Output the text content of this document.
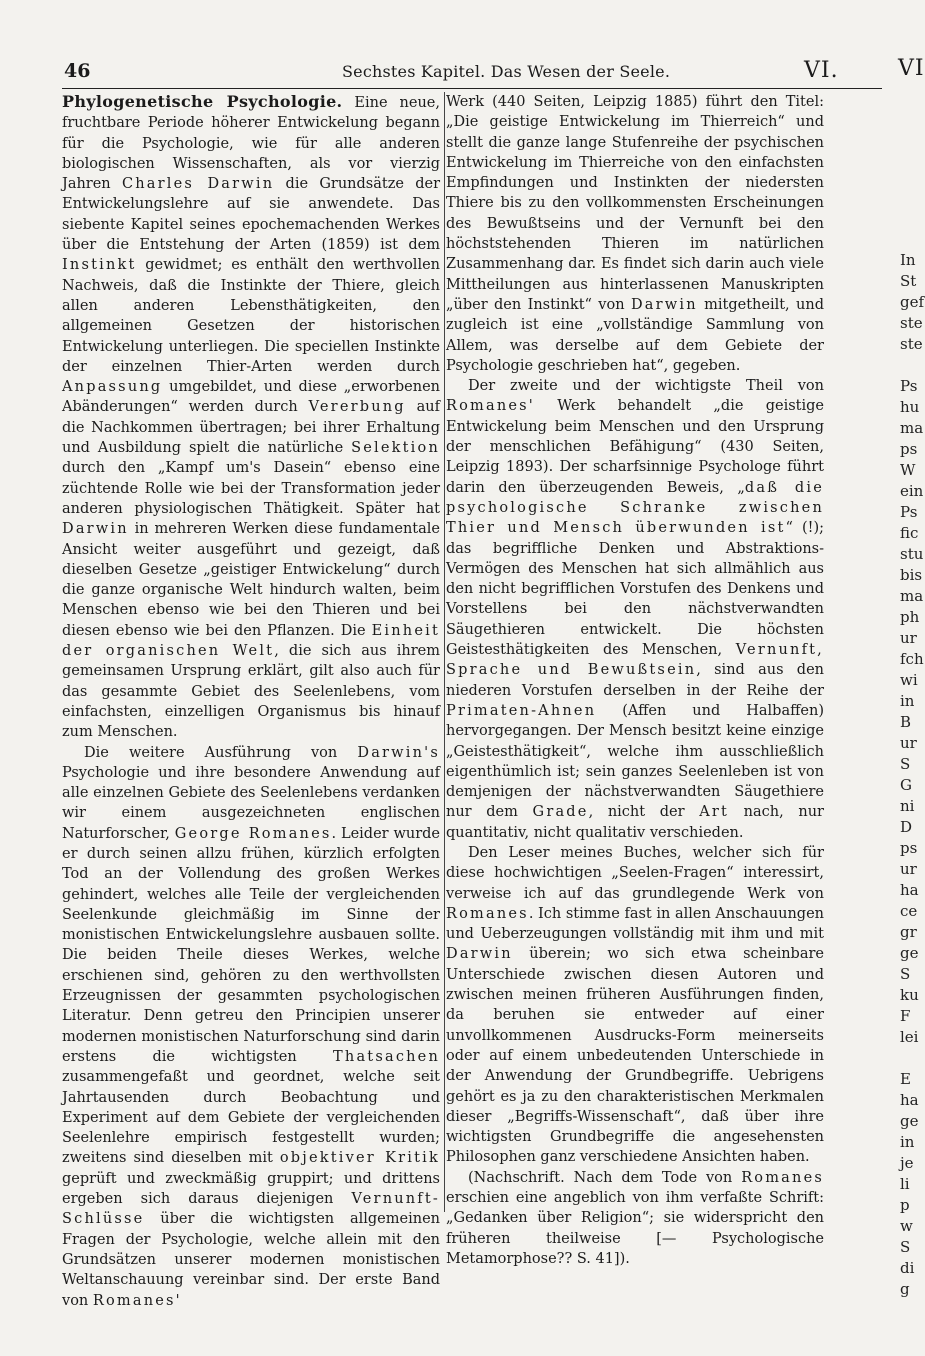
46	Sechstes Kapitel. Das Wesen der Seele.	VI.	VI

Phylogenetische Psychologie. Eine neue, fruchtbare Periode höherer Entwickelung begann für die Psychologie, wie für alle anderen biologischen Wissenschaften, als vor vierzig Jahren Charles Darwin die Grundsätze der Entwickelungslehre auf sie anwendete. Das siebente Kapitel seines epochemachenden Werkes über die Entstehung der Arten (1859) ist dem Instinkt gewidmet; es enthält den werthvollen Nachweis, daß die Instinkte der Thiere, gleich allen anderen Lebensthätigkeiten, den allgemeinen Gesetzen der historischen Entwickelung unterliegen. Die speciellen Instinkte der einzelnen Thier-Arten werden durch Anpassung umgebildet, und diese „erworbenen Abänderungen“ werden durch Vererbung auf die Nachkommen übertragen; bei ihrer Erhaltung und Ausbildung spielt die natürliche Selektion durch den „Kampf um's Dasein“ ebenso eine züchtende Rolle wie bei der Transformation jeder anderen physiologischen Thätigkeit. Später hat Darwin in mehreren Werken diese fundamentale Ansicht weiter ausgeführt und gezeigt, daß dieselben Gesetze „geistiger Entwickelung“ durch die ganze organische Welt hindurch walten, beim Menschen ebenso wie bei den Thieren und bei diesen ebenso wie bei den Pflanzen. Die Einheit der organischen Welt, die sich aus ihrem gemeinsamen Ursprung erklärt, gilt also auch für das gesammte Gebiet des Seelenlebens, vom einfachsten, einzelligen Organismus bis hinauf zum Menschen.

Die weitere Ausführung von Darwin's Psychologie und ihre besondere Anwendung auf alle einzelnen Gebiete des Seelenlebens verdanken wir einem ausgezeichneten englischen Naturforscher, George Romanes. Leider wurde er durch seinen allzu frühen, kürzlich erfolgten Tod an der Vollendung des großen Werkes gehindert, welches alle Teile der vergleichenden Seelenkunde gleichmäßig im Sinne der monistischen Entwickelungslehre ausbauen sollte. Die beiden Theile dieses Werkes, welche erschienen sind, gehören zu den werthvollsten Erzeugnissen der gesammten psychologischen Literatur. Denn getreu den Principien unserer modernen monistischen Naturforschung sind darin erstens die wichtigsten Thatsachen zusammengefaßt und geordnet, welche seit Jahrtausenden durch Beobachtung und Experiment auf dem Gebiete der vergleichenden Seelenlehre empirisch festgestellt wurden; zweitens sind dieselben mit objektiver Kritik geprüft und zweckmäßig gruppirt; und drittens ergeben sich daraus diejenigen Vernunft-Schlüsse über die wichtigsten allgemeinen Fragen der Psychologie, welche allein mit den Grundsätzen unserer modernen monistischen Weltanschauung vereinbar sind. Der erste Band von Romanes'

Werk (440 Seiten, Leipzig 1885) führt den Titel: „Die geistige Entwickelung im Thierreich“ und stellt die ganze lange Stufenreihe der psychischen Entwickelung im Thierreiche von den einfachsten Empfindungen und Instinkten der niedersten Thiere bis zu den vollkommensten Erscheinungen des Bewußtseins und der Vernunft bei den höchststehenden Thieren im natürlichen Zusammenhang dar. Es findet sich darin auch viele Mittheilungen aus hinterlassenen Manuskripten „über den Instinkt“ von Darwin mitgetheilt, und zugleich ist eine „vollständige Sammlung von Allem, was derselbe auf dem Gebiete der Psychologie geschrieben hat“, gegeben.

Der zweite und der wichtigste Theil von Romanes' Werk behandelt „die geistige Entwickelung beim Menschen und den Ursprung der menschlichen Befähigung“ (430 Seiten, Leipzig 1893). Der scharfsinnige Psychologe führt darin den überzeugenden Beweis, „daß die psychologische Schranke zwischen Thier und Mensch überwunden ist“ (!); das begriffliche Denken und Abstraktions-Vermögen des Menschen hat sich allmählich aus den nicht begrifflichen Vorstufen des Denkens und Vorstellens bei den nächstverwandten Säugethieren entwickelt. Die höchsten Geistesthätigkeiten des Menschen, Vernunft, Sprache und Bewußtsein, sind aus den niederen Vorstufen derselben in der Reihe der Primaten-Ahnen (Affen und Halbaffen) hervorgegangen. Der Mensch besitzt keine einzige „Geistesthätigkeit“, welche ihm ausschließlich eigenthümlich ist; sein ganzes Seelenleben ist von demjenigen der nächstverwandten Säugethiere nur dem Grade, nicht der Art nach, nur quantitativ, nicht qualitativ verschieden.

Den Leser meines Buches, welcher sich für diese hochwichtigen „Seelen-Fragen“ interessirt, verweise ich auf das grundlegende Werk von Romanes. Ich stimme fast in allen Anschauungen und Ueberzeugungen vollständig mit ihm und mit Darwin überein; wo sich etwa scheinbare Unterschiede zwischen diesen Autoren und zwischen meinen früheren Ausführungen finden, da beruhen sie entweder auf einer unvollkommenen Ausdrucks-Form meinerseits oder auf einem unbedeutenden Unterschiede in der Anwendung der Grundbegriffe. Uebrigens gehört es ja zu den charakteristischen Merkmalen dieser „Begriffs-Wissenschaft“, daß über ihre wichtigsten Grundbegriffe die angesehensten Philosophen ganz verschiedene Ansichten haben.

(Nachschrift. Nach dem Tode von Romanes erschien eine angeblich von ihm verfaßte Schrift: „Gedanken über Religion“; sie widerspricht den früheren theilweise [— Psychologische Metamorphose?? S. 41]).

In
St
gef
ste
ste
Ps
hu
ma
ps
W
ein
Ps
fic
stu
bis
ma
ph
ur
fch
wi
in
B
ur
S
G
ni
D
ps
ur
ha
ce
gr
ge
S
ku
F
lei
E
ha
ge
in
je
li
p
w
S
di
g
